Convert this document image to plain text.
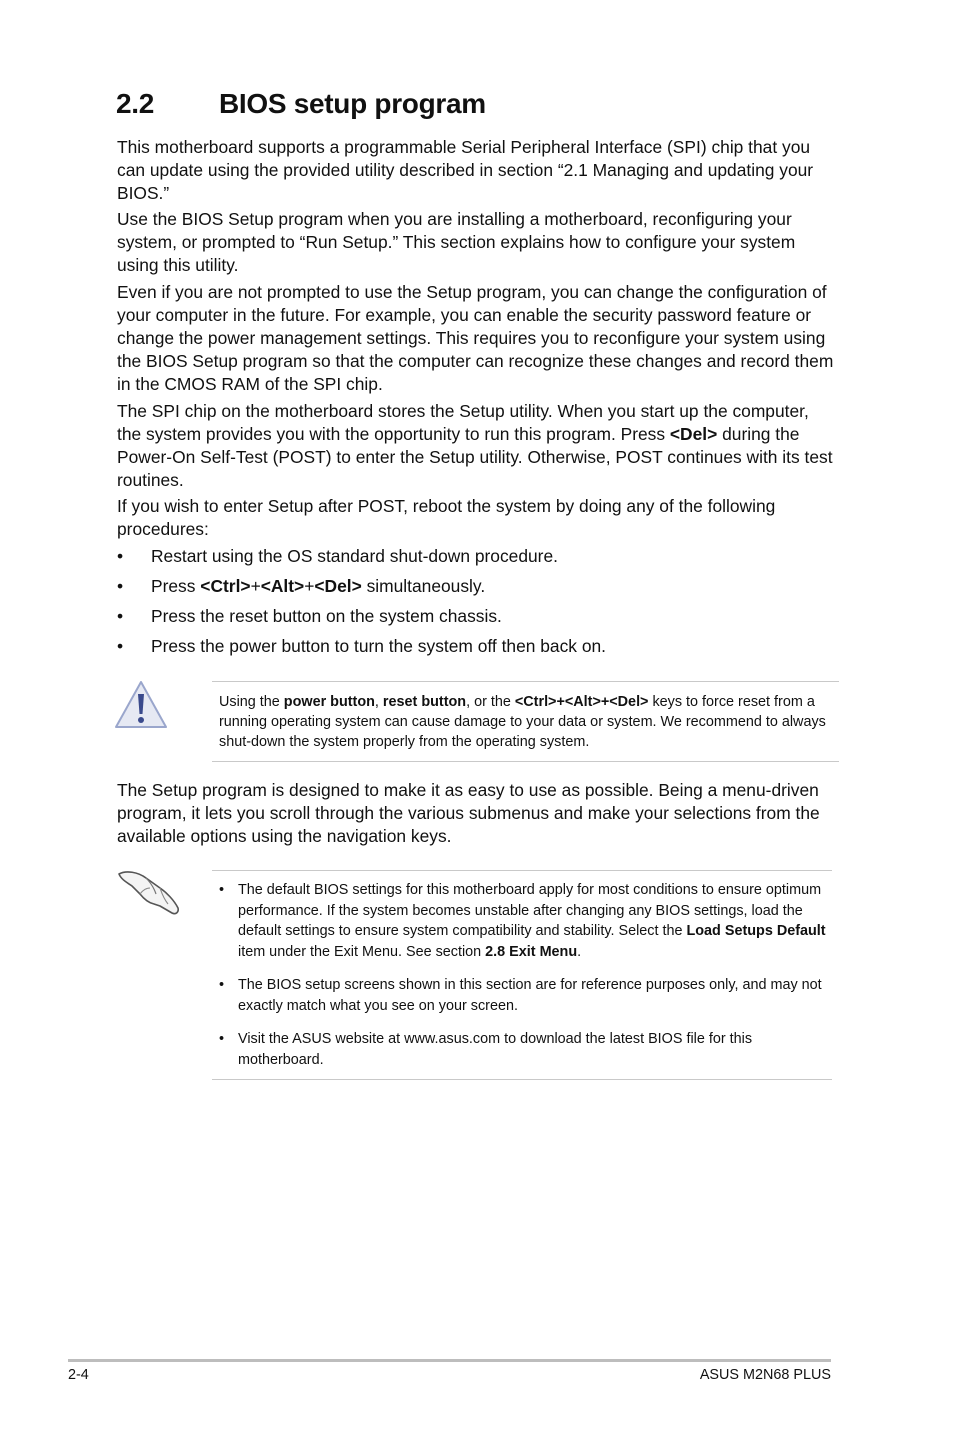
2.2 BIOS setup program

This motherboard supports a programmable Serial Peripheral Interface (SPI) chip that you can update using the provided utility described in section “2.1 Managing and updating your BIOS.”

Use the BIOS Setup program when you are installing a motherboard, reconfiguring your system, or prompted to “Run Setup.” This section explains how to configure your system using this utility.

Even if you are not prompted to use the Setup program, you can change the configuration of your computer in the future. For example, you can enable the security password feature or change the power management settings. This requires you to reconfigure your system using the BIOS Setup program so that the computer can recognize these changes and record them in the CMOS RAM of the SPI chip.

The SPI chip on the motherboard stores the Setup utility. When you start up the computer, the system provides you with the opportunity to run this program. Press <Del> during the Power-On Self-Test (POST) to enter the Setup utility. Otherwise, POST continues with its test routines.

If you wish to enter Setup after POST, reboot the system by doing any of the following procedures:

• Restart using the OS standard shut-down procedure.
• Press <Ctrl>+<Alt>+<Del> simultaneously.
• Press the reset button on the system chassis.
• Press the power button to turn the system off then back on.

Using the power button, reset button, or the <Ctrl>+<Alt>+<Del> keys to force reset from a running operating system can cause damage to your data or system. We recommend to always shut-down the system properly from the operating system.

The Setup program is designed to make it as easy to use as possible. Being a menu-driven program, it lets you scroll through the various submenus and make your selections from the available options using the navigation keys.

• The default BIOS settings for this motherboard apply for most conditions to ensure optimum performance. If the system becomes unstable after changing any BIOS settings, load the default settings to ensure system compatibility and stability. Select the Load Setups Default item under the Exit Menu. See section 2.8 Exit Menu.
• The BIOS setup screens shown in this section are for reference purposes only, and may not exactly match what you see on your screen.
• Visit the ASUS website at www.asus.com to download the latest BIOS file for this motherboard.
2-4	ASUS M2N68 PLUS
